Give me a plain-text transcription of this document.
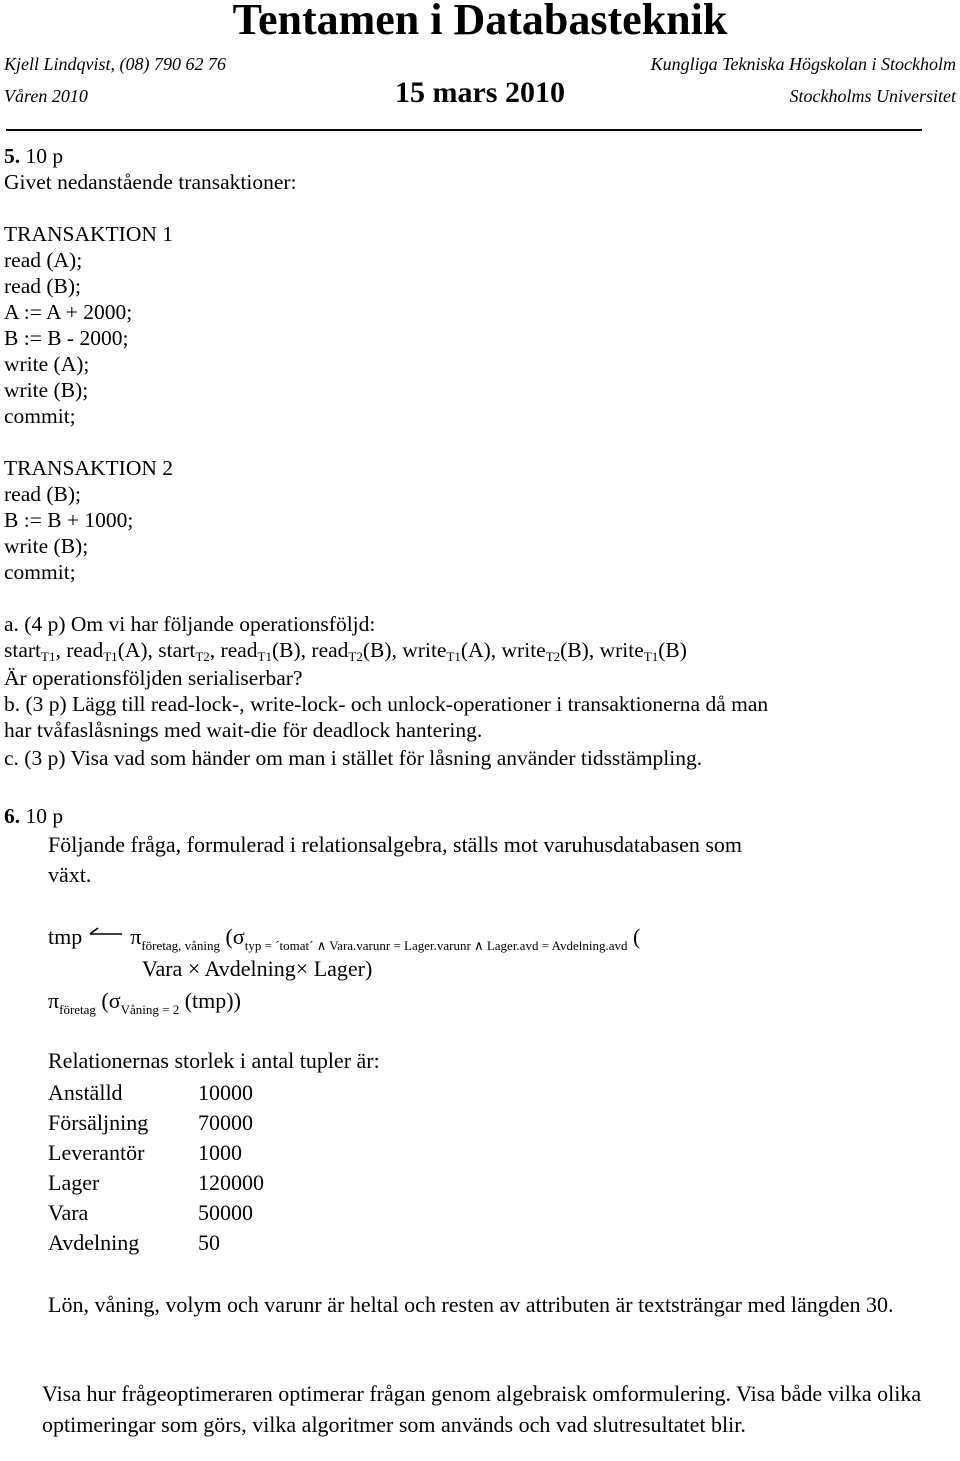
Tentamen i Databasteknik
Kjell Lindqvist, (08) 790 62 76	Kungliga Tekniska Högskolan i Stockholm
Våren 2010	15 mars 2010	Stockholms Universitet
5. 10 p
Givet nedanstående transaktioner:
TRANSAKTION 1
read (A);
read (B);
A := A + 2000;
B := B - 2000;
write (A);
write (B);
commit;
TRANSAKTION 2
read (B);
B := B + 1000;
write (B);
commit;
a. (4 p) Om vi har följande operationsföljd:
start$_{T1}$, read$_{T1}$(A), start$_{T2}$, read$_{T1}$(B), read$_{T2}$(B), write$_{T1}$(A), write$_{T2}$(B), write$_{T1}$(B)
Är operationsföljden serialiserbar?
b. (3 p) Lägg till read-lock-, write-lock- och unlock-operationer i transaktionerna då man
har tvåfaslåsnings med wait-die för deadlock hantering.
c. (3 p) Visa vad som händer om man i stället för låsning använder tidsstämpling.
6. 10 p
Följande fråga, formulerad i relationsalgebra, ställs mot varuhusdatabasen som
växt.
tmp $\pi_{företag, våning}$ ($\sigma_{typ = ´tomat´ \wedge Vara.varunr = Lager.varunr \wedge Lager.avd = Avdelning.avd}$ (
Vara × Avdelning× Lager)
$\pi_{företag}$ ($\sigma_{Våning = 2}$ (tmp))
Relationernas storlek i antal tupler är:
Anställd	10000
Försäljning	70000
Leverantör	1000
Lager	120000
Vara	50000
Avdelning	50
Lön, våning, volym och varunr är heltal och resten av attributen är textsträngar med längden 30.
Visa hur frågeoptimeraren optimerar frågan genom algebraisk omformulering. Visa både vilka olika optimeringar som görs, vilka algoritmer som används och vad slutresultatet blir.
